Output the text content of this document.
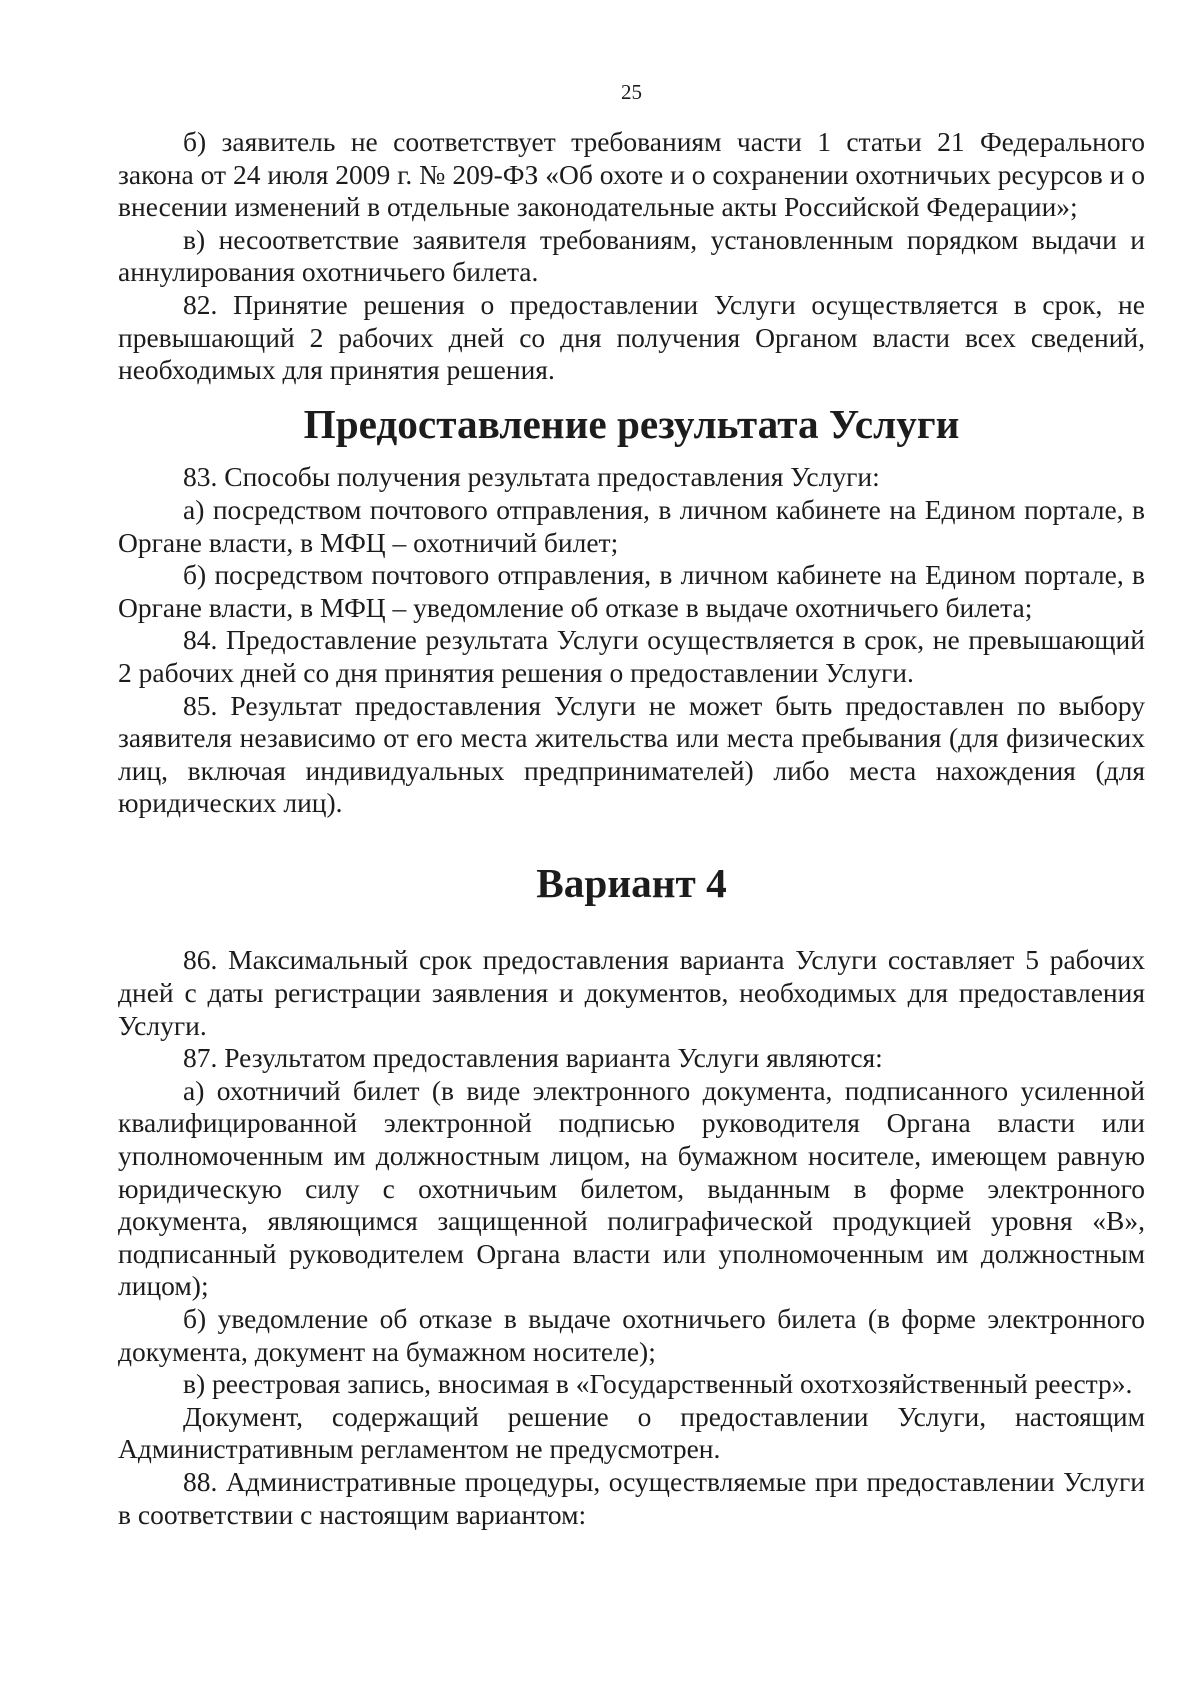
25

б) заявитель не соответствует требованиям части 1 статьи 21 Федерального закона от 24 июля 2009 г. № 209-ФЗ «Об охоте и о сохранении охотничьих ресурсов и о внесении изменений в отдельные законодательные акты Российской Федерации»;

в) несоответствие заявителя требованиям, установленным порядком выдачи и аннулирования охотничьего билета.

82. Принятие решения о предоставлении Услуги осуществляется в срок, не превышающий 2 рабочих дней со дня получения Органом власти всех сведений, необходимых для принятия решения.

Предоставление результата Услуги

83. Способы получения результата предоставления Услуги:

а) посредством почтового отправления, в личном кабинете на Едином портале, в Органе власти, в МФЦ – охотничий билет;

б) посредством почтового отправления, в личном кабинете на Едином портале, в Органе власти, в МФЦ – уведомление об отказе в выдаче охотничьего билета;

84. Предоставление результата Услуги осуществляется в срок, не превышающий 2 рабочих дней со дня принятия решения о предоставлении Услуги.

85. Результат предоставления Услуги не может быть предоставлен по выбору заявителя независимо от его места жительства или места пребывания (для физических лиц, включая индивидуальных предпринимателей) либо места нахождения (для юридических лиц).

Вариант 4

86. Максимальный срок предоставления варианта Услуги составляет 5 рабочих дней с даты регистрации заявления и документов, необходимых для предоставления Услуги.

87. Результатом предоставления варианта Услуги являются:

а) охотничий билет (в виде электронного документа, подписанного усиленной квалифицированной электронной подписью руководителя Органа власти или уполномоченным им должностным лицом, на бумажном носителе, имеющем равную юридическую силу с охотничьим билетом, выданным в форме электронного документа, являющимся защищенной полиграфической продукцией уровня «В», подписанный руководителем Органа власти или уполномоченным им должностным лицом);

б) уведомление об отказе в выдаче охотничьего билета (в форме электронного документа, документ на бумажном носителе);

в) реестровая запись, вносимая в «Государственный охотхозяйственный реестр».

Документ, содержащий решение о предоставлении Услуги, настоящим Административным регламентом не предусмотрен.

88. Административные процедуры, осуществляемые при предоставлении Услуги в соответствии с настоящим вариантом:
